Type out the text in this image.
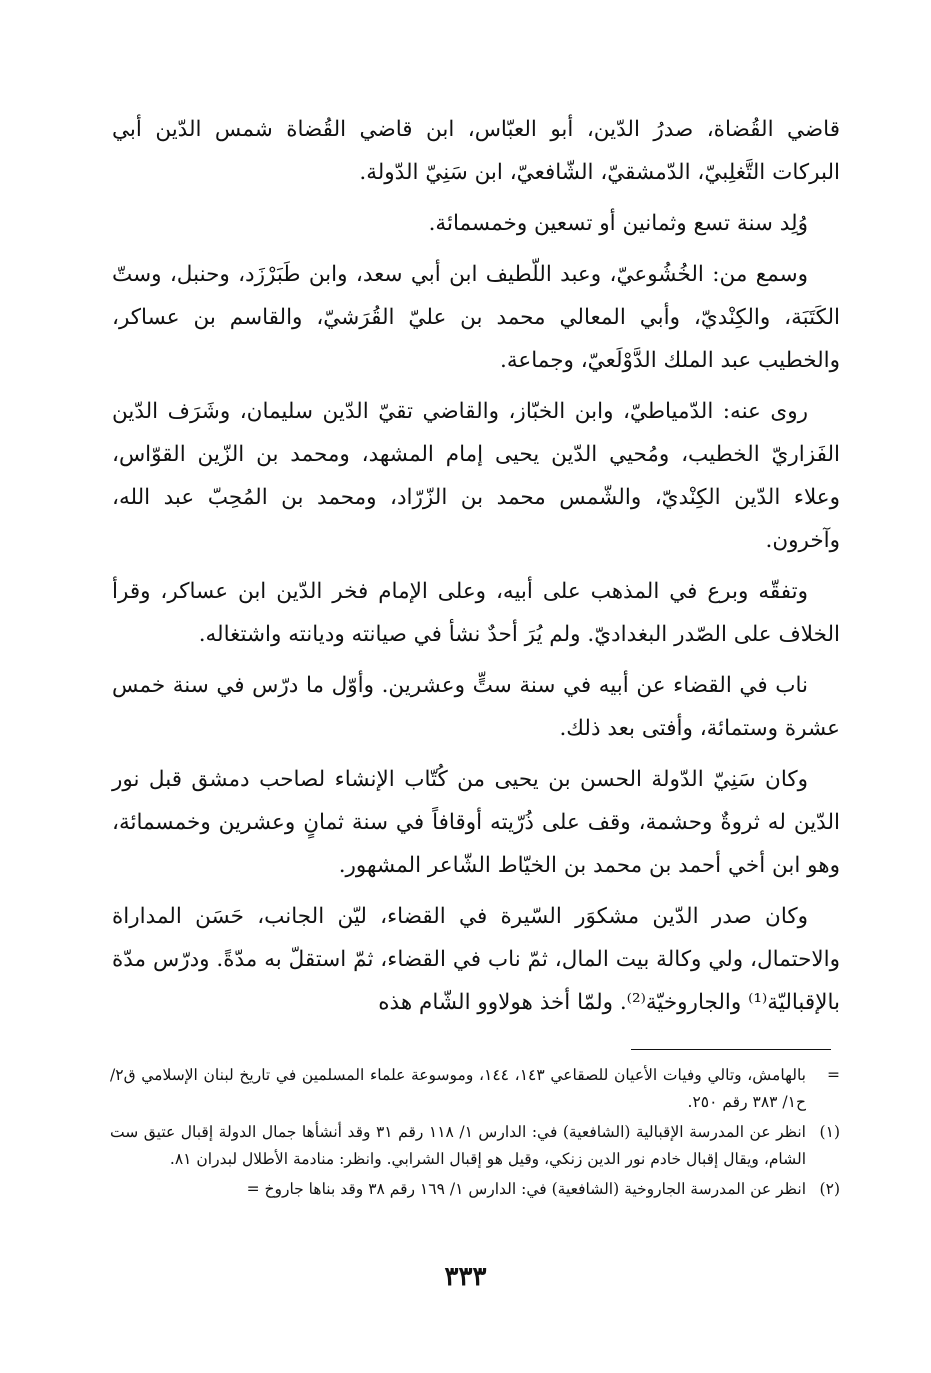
قاضي القُضاة، صدرُ الدّين، أبو العبّاس، ابن قاضي القُضاة شمس الدّين أبي البركات التَّغلِبيّ، الدّمشقيّ، الشّافعيّ، ابن سَنِيّ الدّولة.

وُلِد سنة تسع وثمانين أو تسعين وخمسمائة.

وسمع من: الخُشُوعيّ، وعبد اللّطيف ابن أبي سعد، وابن طَبَرْزَد، وحنبل، وستّ الكَتَبَة، والكِنْديّ، وأبي المعالي محمد بن عليّ القُرَشيّ، والقاسم بن عساكر، والخطيب عبد الملك الدَّوْلَعيّ، وجماعة.

روى عنه: الدّمياطيّ، وابن الخبّاز، والقاضي تقيّ الدّين سليمان، وشَرَف الدّين الفَزاريّ الخطيب، ومُحيي الدّين يحيى إمام المشهد، ومحمد بن الزّين القوّاس، وعلاء الدّين الكِنْديّ، والشّمس محمد بن الزّرّاد، ومحمد بن المُحِبّ عبد الله، وآخرون.

وتفقّه وبرع في المذهب على أبيه، وعلى الإمام فخر الدّين ابن عساكر، وقرأ الخلاف على الصّدر البغداديّ. ولم يُرَ أحدٌ نشأ في صيانته وديانته واشتغاله.

ناب في القضاء عن أبيه في سنة ستٍّ وعشرين. وأوّل ما درّس في سنة خمس عشرة وستمائة، وأفتى بعد ذلك.

وكان سَنِيّ الدّولة الحسن بن يحيى من كُتّاب الإنشاء لصاحب دمشق قبل نور الدّين له ثروةٌ وحشمة، وقف على ذُرّيته أوقافاً في سنة ثمانٍ وعشرين وخمسمائة، وهو ابن أخي أحمد بن محمد بن الخيّاط الشّاعر المشهور.

وكان صدر الدّين مشكوَر السّيرة في القضاء، ليّن الجانب، حَسَن المداراة والاحتمال، ولي وكالة بيت المال، ثمّ ناب في القضاء، ثمّ استقلّ به مدّةً. ودرّس مدّة بالإقباليّة⁽¹⁾ والجاروخيّة⁽²⁾. ولمّا أخذ هولاوو الشّام هذه

=
بالهامش، وتالي وفيات الأعيان للصقاعي ١٤٣، ١٤٤، وموسوعة علماء المسلمين في تاريخ لبنان الإسلامي ق٢/ح١/ ٣٨٣ رقم ٢٥٠.
(١)
انظر عن المدرسة الإقبالية (الشافعية) في: الدارس ١/ ١١٨ رقم ٣١ وقد أنشأها جمال الدولة إقبال عتيق ست الشام، ويقال إقبال خادم نور الدين زنكي، وقيل هو إقبال الشرابي. وانظر: منادمة الأطلال لبدران ٨١.
(٢)
انظر عن المدرسة الجاروخية (الشافعية) في: الدارس ١/ ١٦٩ رقم ٣٨ وقد بناها جاروخ =
٣٣٣
